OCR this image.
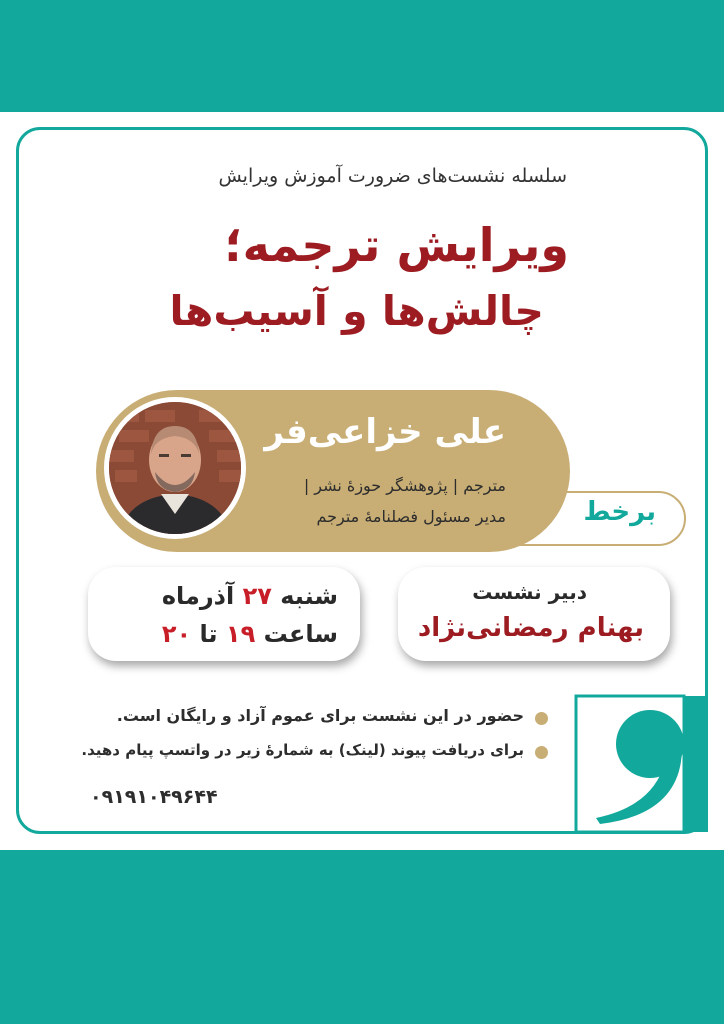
سلسله نشست‌های ضرورت آموزش ویرایش
ویرایش ترجمه؛
چالش‌ها و آسیب‌ها
برخط
علی خزاعی‌فر
مترجم | پژوهشگر حوزهٔ نشر |
مدیر مسئول فصلنامهٔ مترجم
شنبه ۲۷ آذرماه
ساعت ۱۹ تا ۲۰
دبیر نشست
بهنام رمضانی‌نژاد
حضور در این نشست برای عموم آزاد و رایگان است.
برای دریافت پیوند (لینک) به شمارهٔ زیر در واتسپ پیام دهید.
۰۹۱۹۱۰۴۹۶۴۴
